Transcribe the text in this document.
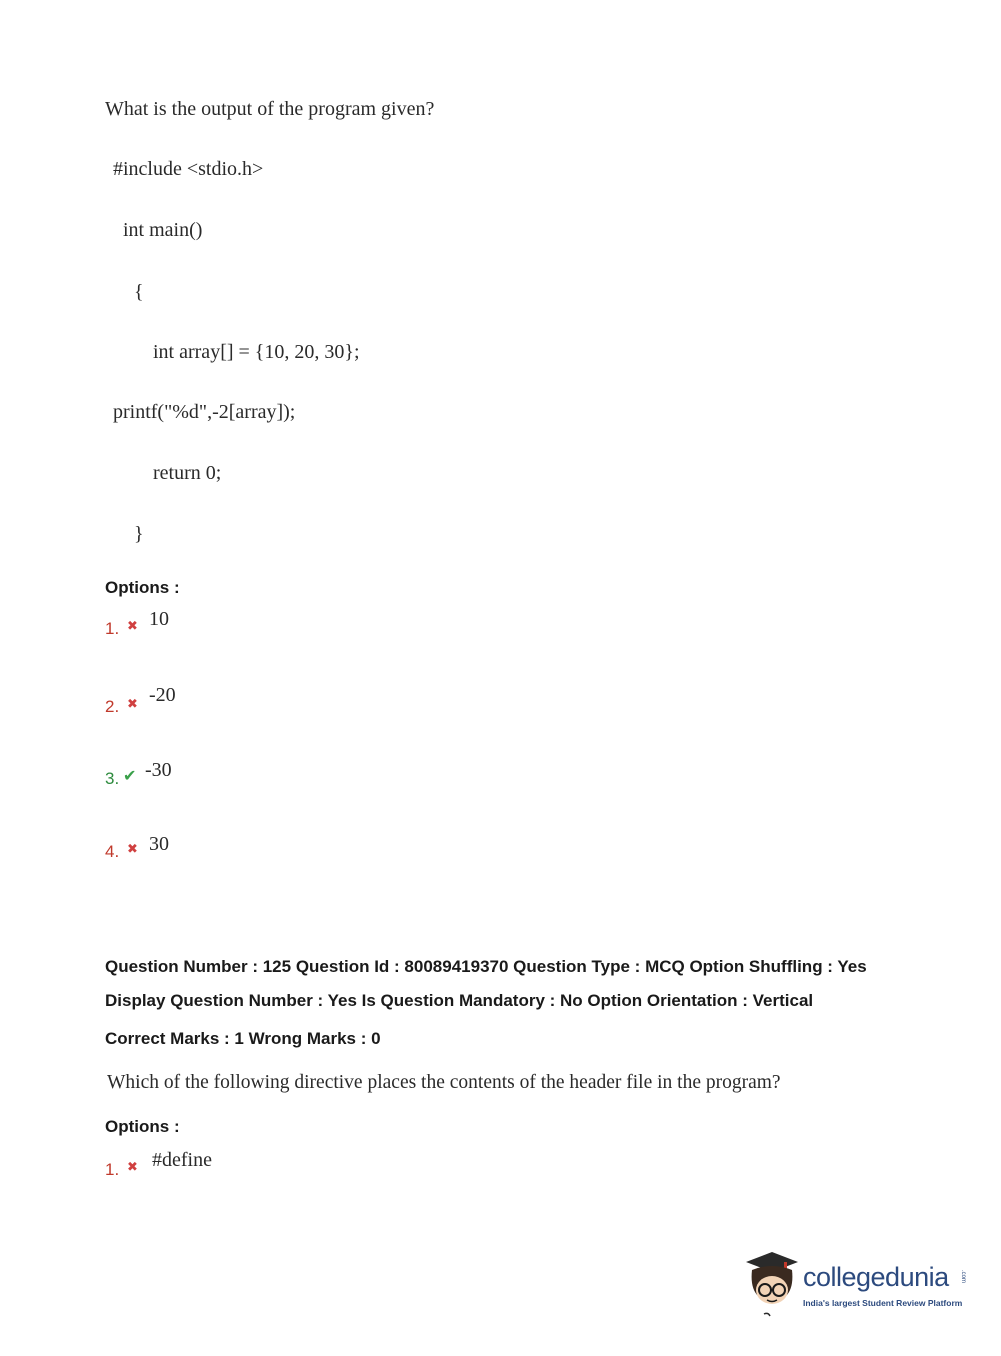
What is the output of the program given?
#include <stdio.h>
int main()
{
int array[] = {10, 20, 30};
printf("%d",-2[array]);
return 0;
}
Options :
1. ✖ 10
2. ✖ -20
3. ✔ -30
4. ✖ 30
Question Number : 125 Question Id : 80089419370 Question Type : MCQ Option Shuffling : Yes
Display Question Number : Yes Is Question Mandatory : No Option Orientation : Vertical
Correct Marks : 1 Wrong Marks : 0
Which of the following directive places the contents of the header file in the program?
Options :
1. ✖ #define
collegedunia .com
India's largest Student Review Platform
